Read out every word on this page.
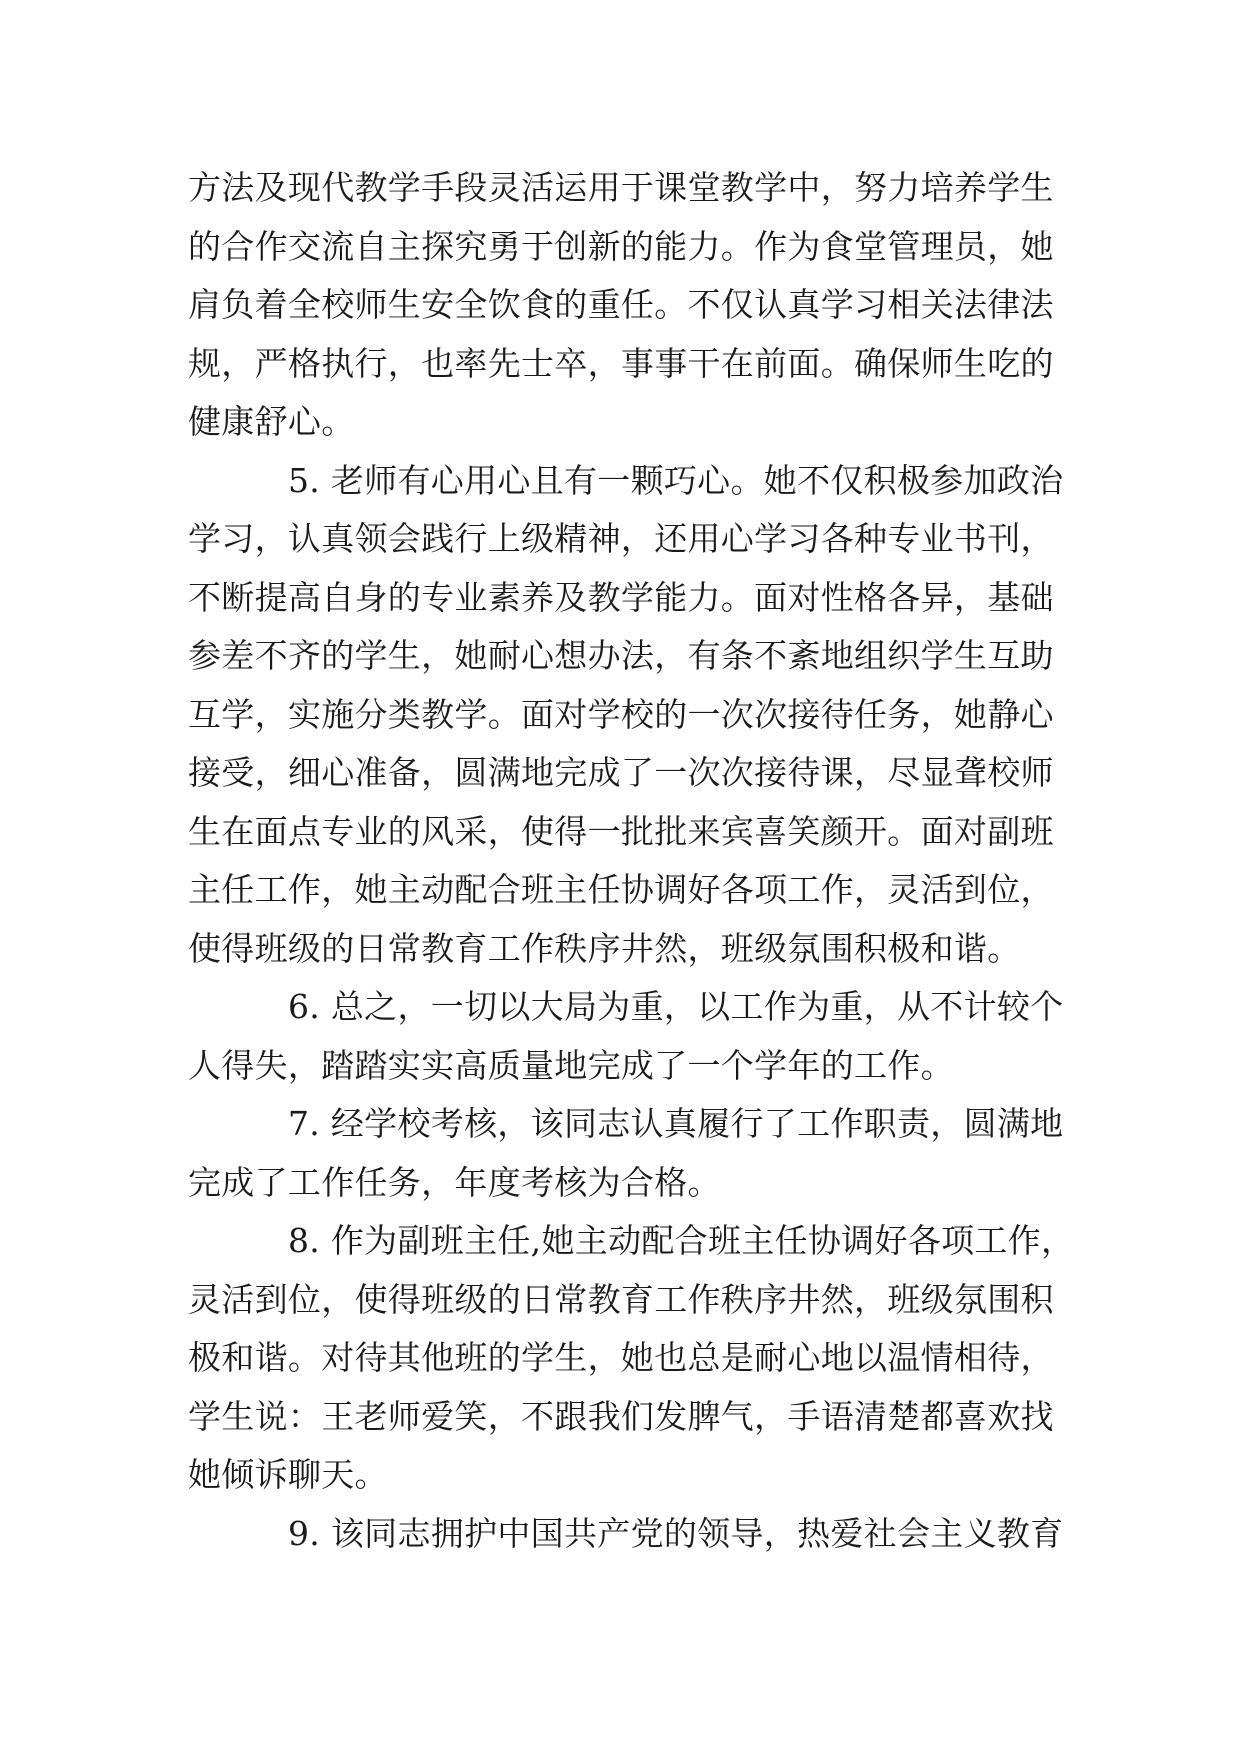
方法及现代教学手段灵活运用于课堂教学中，努力培养学生
的合作交流自主探究勇于创新的能力。作为食堂管理员，她
肩负着全校师生安全饮食的重任。不仅认真学习相关法律法
规，严格执行，也率先士卒，事事干在前面。确保师生吃的
健康舒心。

5. 老师有心用心且有一颗巧心。她不仅积极参加政治
学习，认真领会践行上级精神，还用心学习各种专业书刊，
不断提高自身的专业素养及教学能力。面对性格各异，基础
参差不齐的学生，她耐心想办法，有条不紊地组织学生互助
互学，实施分类教学。面对学校的一次次接待任务，她静心
接受，细心准备，圆满地完成了一次次接待课，尽显聋校师
生在面点专业的风采，使得一批批来宾喜笑颜开。面对副班
主任工作，她主动配合班主任协调好各项工作，灵活到位，
使得班级的日常教育工作秩序井然，班级氛围积极和谐。

6. 总之，一切以大局为重，以工作为重，从不计较个
人得失，踏踏实实高质量地完成了一个学年的工作。

7. 经学校考核，该同志认真履行了工作职责，圆满地
完成了工作任务，年度考核为合格。

8. 作为副班主任,她主动配合班主任协调好各项工作，
灵活到位，使得班级的日常教育工作秩序井然，班级氛围积
极和谐。对待其他班的学生，她也总是耐心地以温情相待，
学生说：王老师爱笑，不跟我们发脾气，手语清楚都喜欢找
她倾诉聊天。

9. 该同志拥护中国共产党的领导，热爱社会主义教育
